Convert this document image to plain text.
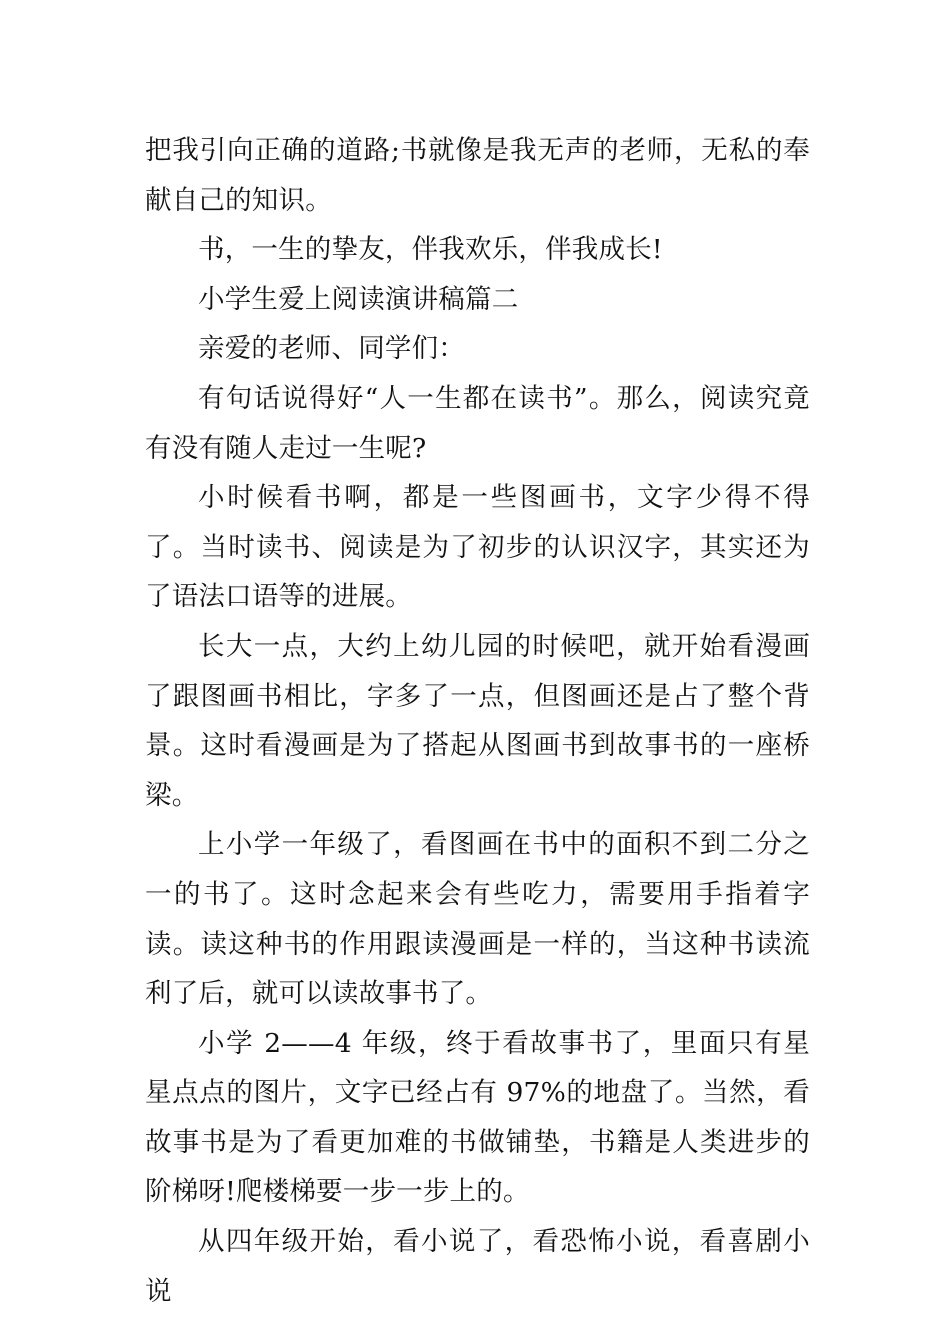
把我引向正确的道路;书就像是我无声的老师，无私的奉献自己的知识。

书，一生的挚友，伴我欢乐，伴我成长!

小学生爱上阅读演讲稿篇二

亲爱的老师、同学们：

有句话说得好“人一生都在读书”。那么，阅读究竟有没有随人走过一生呢?

小时候看书啊，都是一些图画书，文字少得不得了。当时读书、阅读是为了初步的认识汉字，其实还为了语法口语等的进展。

长大一点，大约上幼儿园的时候吧，就开始看漫画了跟图画书相比，字多了一点，但图画还是占了整个背景。这时看漫画是为了搭起从图画书到故事书的一座桥梁。

上小学一年级了，看图画在书中的面积不到二分之一的书了。这时念起来会有些吃力，需要用手指着字读。读这种书的作用跟读漫画是一样的，当这种书读流利了后，就可以读故事书了。

小学 2——4 年级，终于看故事书了，里面只有星星点点的图片，文字已经占有 97%的地盘了。当然，看故事书是为了看更加难的书做铺垫，书籍是人类进步的阶梯呀!爬楼梯要一步一步上的。

从四年级开始，看小说了，看恐怖小说，看喜剧小说
